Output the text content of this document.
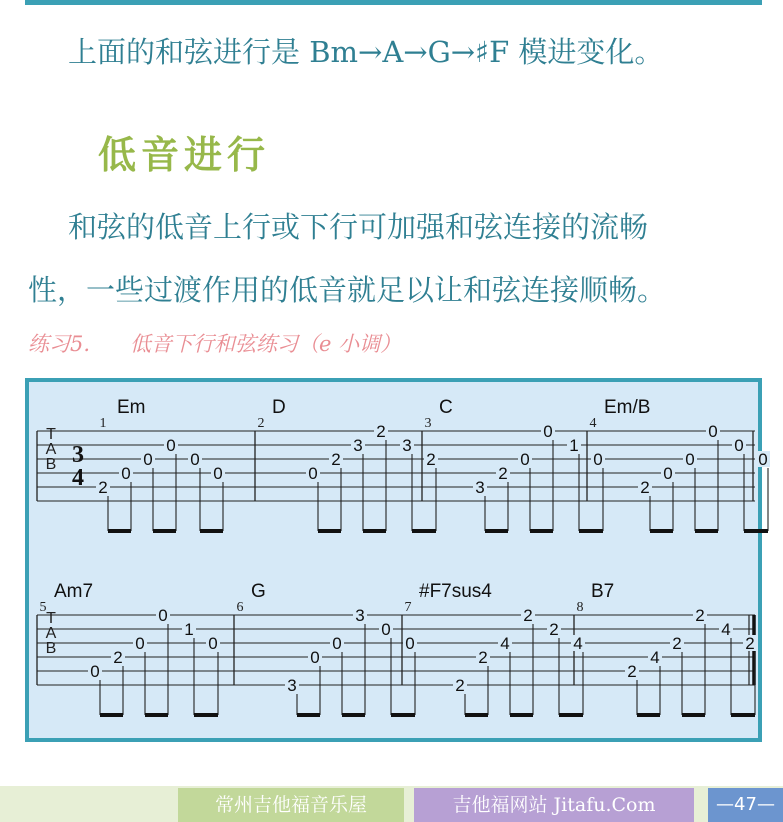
上面的和弦进行是 Bm→A→G→♯F 模进变化。
低音进行
和弦的低音上行或下行可加强和弦连接的流畅
性，一些过渡作用的低音就足以让和弦连接顺畅。
练习5. 低音下行和弦练习（e 小调）
T
A
B 3
4
1
Em
2
0
0
0
0
0
2
D
0
2
3
2
3
2
3
C
3
2
0
0
1
0
4
Em/B
2
0
0
0
0
0
T
A
B
5
Am7
0
2
0
0
1
0
6
G
3
0
0
3
0
0
7
#F7sus4
2
2
4
2
2
4
8
B7
2
4
2
2
4
2
常州吉他福音乐屋	吉他福网站 Jitafu.Com	—47—
